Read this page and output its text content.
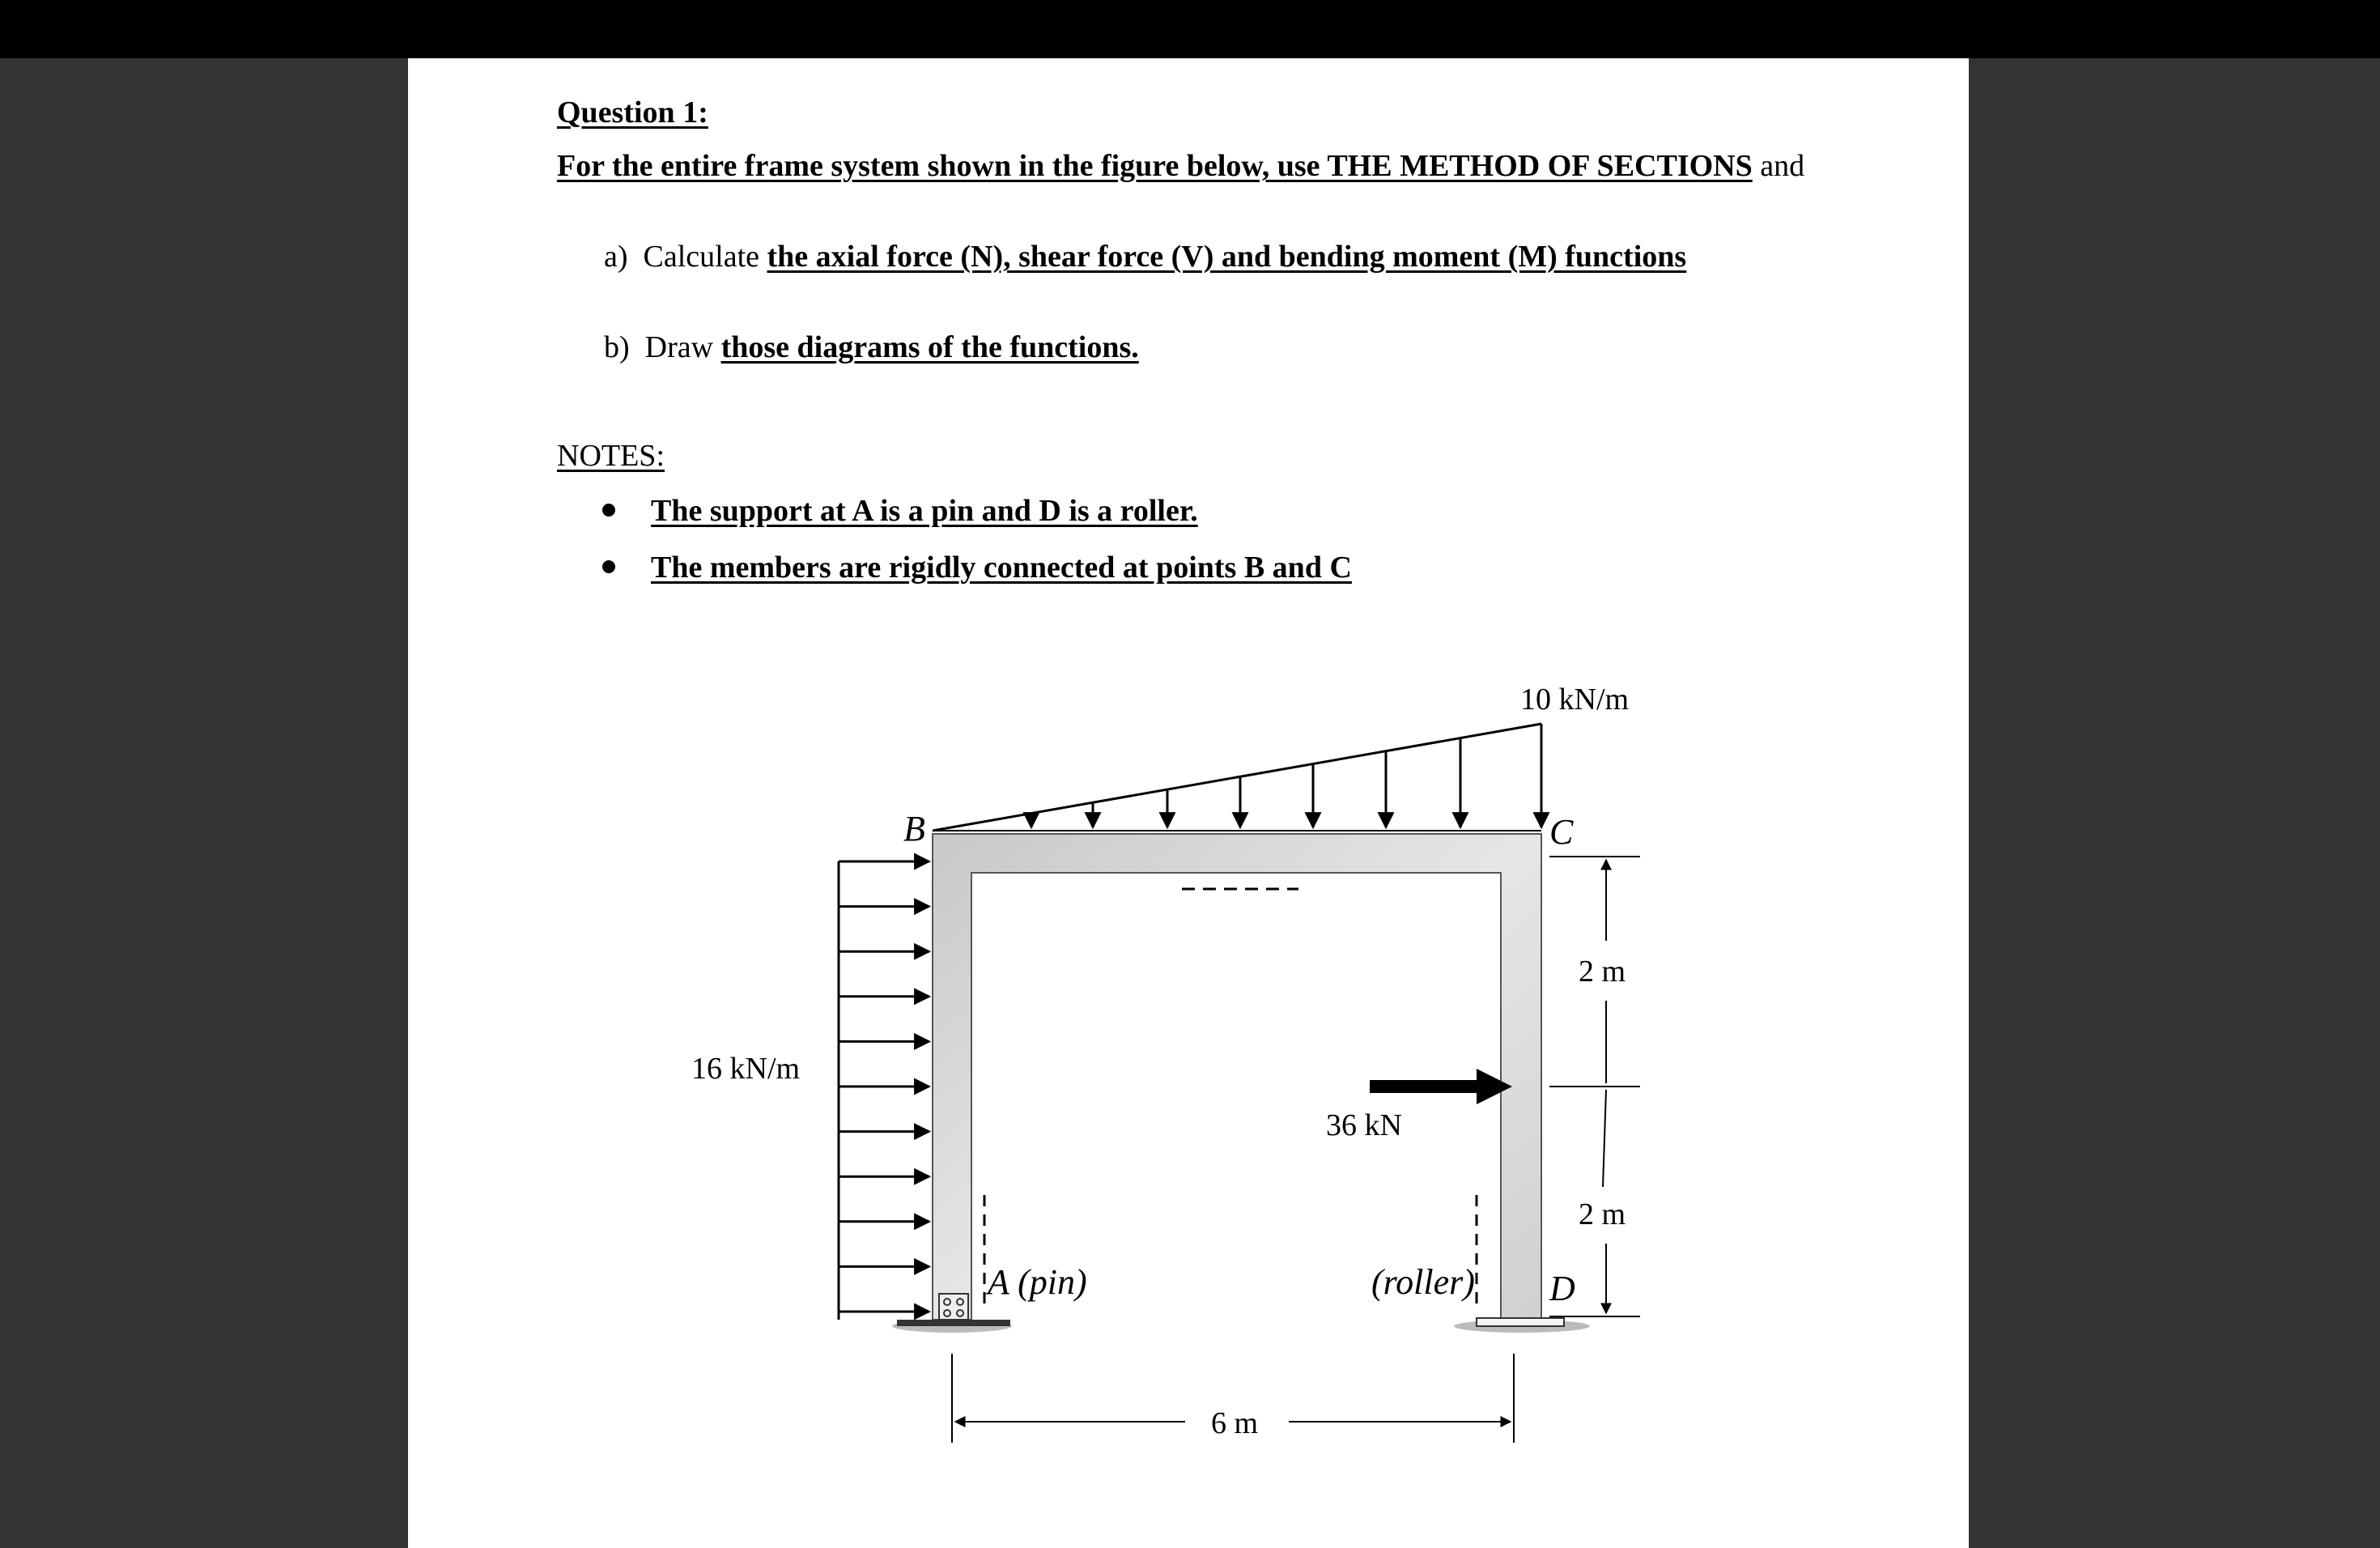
Question 1:
For the entire frame system shown in the figure below, use THE METHOD OF SECTIONS and
a) Calculate the axial force (N), shear force (V) and bending moment (M) functions
b) Draw those diagrams of the functions.
NOTES:
The support at A is a pin and D is a roller.
The members are rigidly connected at points B and C
10 kN/m
16 kN/m
36 kN
B	C
D
A (pin)	(roller)
2 m
2 m
6 m
